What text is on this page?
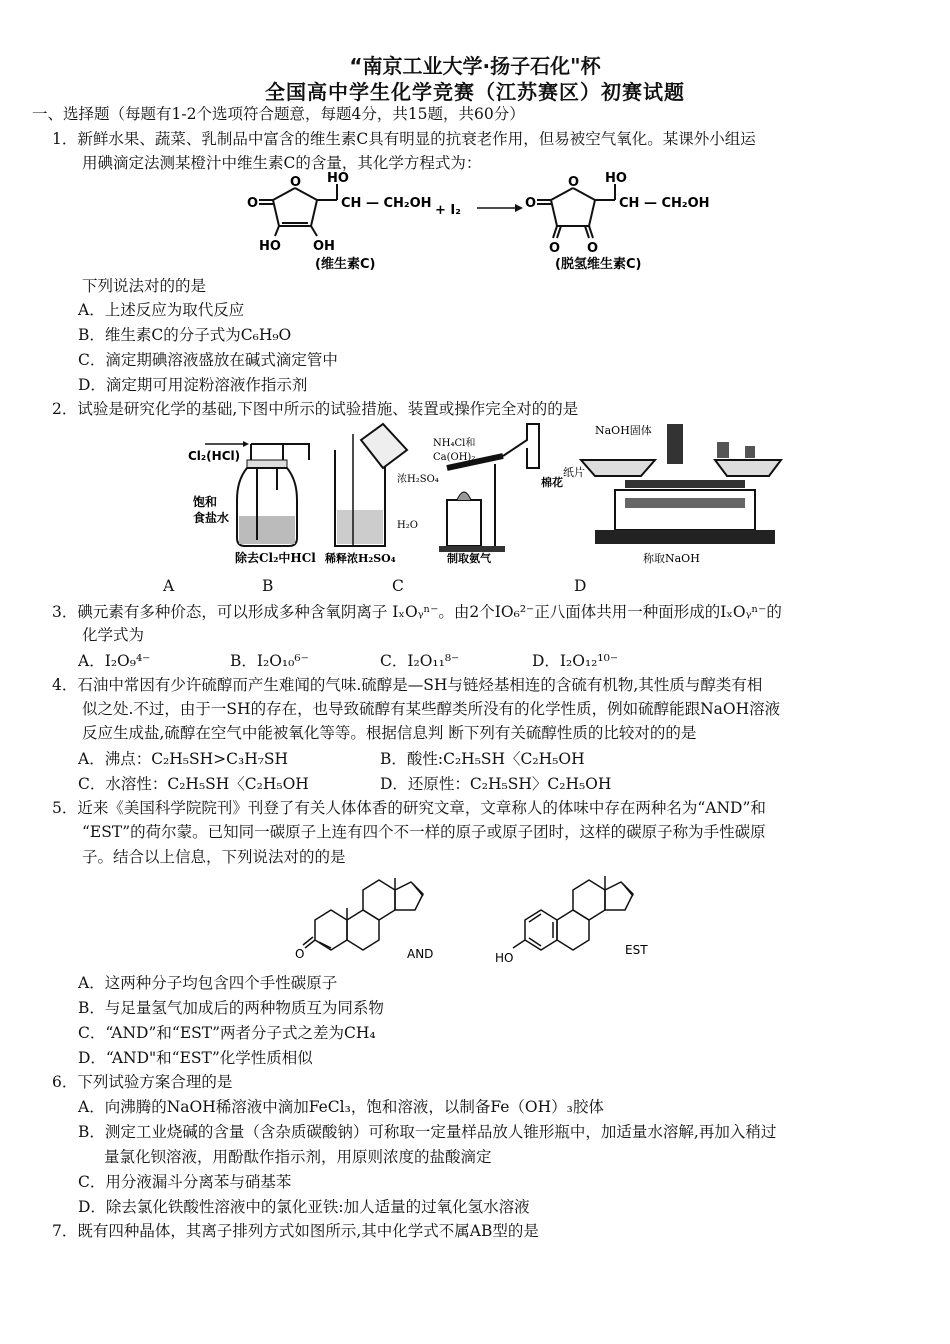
“南京工业大学·扬子石化"杯
全国高中学生化学竞赛（江苏赛区）初赛试题
一、选择题（每题有1-2个选项符合题意，每题4分，共15题，共60分）
1．新鲜水果、蔬菜、乳制品中富含的维生素C具有明显的抗衰老作用，但易被空气氧化。某课外小组运
用碘滴定法测某橙汁中维生素C的含量，其化学方程式为：
O
O
HO
CH — CH₂OH
HO OH
(维生素C)
+ I₂
O
O
HO
CH — CH₂OH
O O
(脱氢维生素C)
下列说法对的的是
A．上述反应为取代反应
B．维生素C的分子式为C₆H₉O
C．滴定期碘溶液盛放在碱式滴定管中
D．滴定期可用淀粉溶液作指示剂
2．试验是研究化学的基础,下图中所示的试验措施、装置或操作完全对的的是
Cl₂(HCl)
饱和
食盐水
除去Cl₂中HCl
浓H₂SO₄
H₂O
稀释浓H₂SO₄
NH₄Cl和
Ca(OH)₂
棉花
制取氨气
NaOH固体
纸片
称取NaOH
A	B	C	D
3．碘元素有多种价态，可以形成多种含氧阴离子 IₓOᵧⁿ⁻。由2个IO₆²⁻正八面体共用一种面形成的IₓOᵧⁿ⁻的
化学式为
A．I₂O₉⁴⁻	B．I₂O₁₀⁶⁻	C．I₂O₁₁⁸⁻	D．I₂O₁₂¹⁰⁻
4．石油中常因有少许硫醇而产生难闻的气味.硫醇是—SH与链烃基相连的含硫有机物,其性质与醇类有相
似之处.不过，由于一SH的存在，也导致硫醇有某些醇类所没有的化学性质，例如硫醇能跟NaOH溶液
反应生成盐,硫醇在空气中能被氧化等等。根据信息判 断下列有关硫醇性质的比较对的的是
A．沸点：C₂H₅SH>C₃H₇SH	B．酸性:C₂H₅SH〈C₂H₅OH
C．水溶性：C₂H₅SH〈C₂H₅OH	D．还原性：C₂H₅SH〉C₂H₅OH
5．近来《美国科学院院刊》刊登了有关人体体香的研究文章，文章称人的体味中存在两种名为“AND”和
“EST”的荷尔蒙。已知同一碳原子上连有四个不一样的原子或原子团时，这样的碳原子称为手性碳原
子。结合以上信息，下列说法对的的是
O	AND	HO
EST
A．这两种分子均包含四个手性碳原子
B．与足量氢气加成后的两种物质互为同系物
C．“AND”和“EST”两者分子式之差为CH₄
D．“AND"和“EST”化学性质相似
6．下列试验方案合理的是
A．向沸腾的NaOH稀溶液中滴加FeCl₃，饱和溶液，以制备Fe（OH）₃胶体
B．测定工业烧碱的含量（含杂质碳酸钠）可称取一定量样品放人锥形瓶中，加适量水溶解,再加入稍过
量氯化钡溶液，用酚酞作指示剂，用原则浓度的盐酸滴定
C．用分液漏斗分离苯与硝基苯
D．除去氯化铁酸性溶液中的氯化亚铁:加人适量的过氧化氢水溶液
7．既有四种晶体，其离子排列方式如图所示,其中化学式不属AB型的是
